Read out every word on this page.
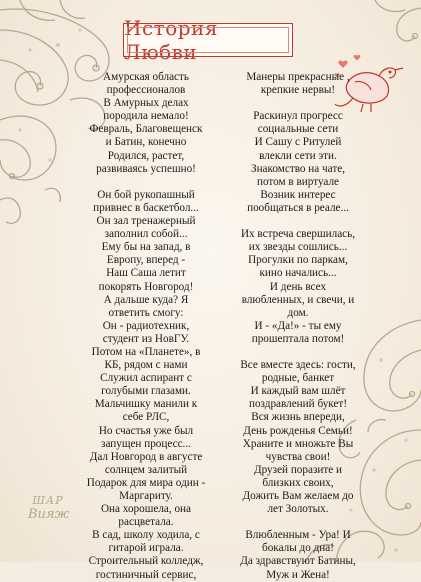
История Любви
Амурская область
профессионалов
В Амурных делах
породила немало!
Февраль, Благовещенск
и Батин, конечно
Родился, растет,
развиваясь успешно!
Он бой рукопашный
привнес в баскетбол...
Он зал тренажерный
заполнил собой...
Ему бы на запад, в
Европу, вперед -
Наш Саша летит
покорять Новгород!
А дальше куда? Я
ответить смогу:
Он - радиотехник,
студент из НовГУ.
Потом на «Планете», в
КБ, рядом с нами
Служил аспирант с
голубыми глазами.
Мальчишку манили к
себе РЛС,
Но счастья уже был
запущен процесс...
Дал Новгород в августе
солнцем залитый
Подарок для мира один -
Маргариту.
Она хорошела, она
расцветала.
В сад, школу ходила, с
гитарой играла.
Строительный колледж,
гостиничный сервис,
Манеры прекрасные ,
крепкие нервы!
Раскинул прогресс
социальные сети
И Сашу с Ритулей
влекли сети эти.
Знакомство на чате,
потом в виртуале
Возник интерес
пообщаться в реале...
Их встреча свершилась,
их звезды сошлись...
Прогулки по паркам,
кино начались...
И день всех
влюбленных, и свечи, и
дом.
И - «Да!» - ты ему
прошептала потом!
Все вместе здесь: гости,
родные, банкет
И каждый вам шлёт
поздравлений букет!
Вся жизнь впереди,
День рожденья Семьи!
Храните и множьте Вы
чувства свои!
Друзей поразите и
близких своих,
Дожить Вам желаем до
лет Золотых.
Влюбленным - Ура! И
бокалы до дна!
Да здравствуют Батины,
Муж и Жена!
ШАР
Вияж
